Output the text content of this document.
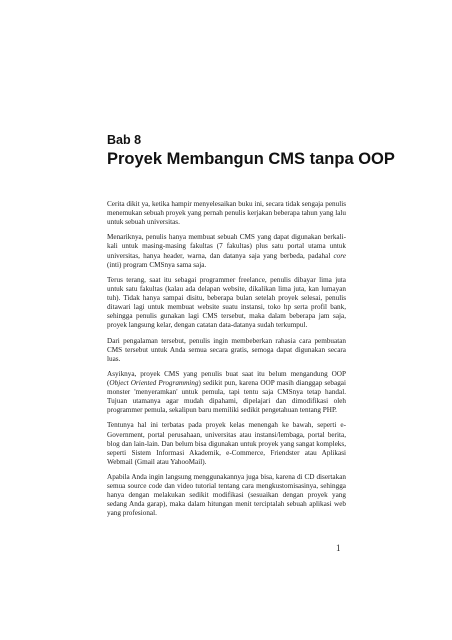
Bab 8
Proyek Membangun CMS tanpa OOP

Cerita dikit ya, ketika hampir menyelesaikan buku ini, secara tidak sengaja penulis menemukan sebuah proyek yang pernah penulis kerjakan beberapa tahun yang lalu untuk sebuah universitas.

Menariknya, penulis hanya membuat sebuah CMS yang dapat digunakan berkali-kali untuk masing-masing fakultas (7 fakultas) plus satu portal utama untuk universitas, hanya header, warna, dan datanya saja yang berbeda, padahal core (inti) program CMSnya sama saja.

Terus terang, saat itu sebagai programmer freelance, penulis dibayar lima juta untuk satu fakultas (kalau ada delapan website, dikalikan lima juta, kan lumayan tuh). Tidak hanya sampai disitu, beberapa bulan setelah proyek selesai, penulis ditawari lagi untuk membuat website suatu instansi, toko hp serta profil bank, sehingga penulis gunakan lagi CMS tersebut, maka dalam beberapa jam saja, proyek langsung kelar, dengan catatan data-datanya sudah terkumpul.

Dari pengalaman tersebut, penulis ingin membeberkan rahasia cara pembuatan CMS tersebut untuk Anda semua secara gratis, semoga dapat digunakan secara luas.

Asyiknya, proyek CMS yang penulis buat saat itu belum mengandung OOP (Object Oriented Programming) sedikit pun, karena OOP masih dianggap sebagai monster 'menyeramkan' untuk pemula, tapi tentu saja CMSnya tetap handal. Tujuan utamanya agar mudah dipahami, dipelajari dan dimodifikasi oleh programmer pemula, sekalipun baru memiliki sedikit pengetahuan tentang PHP.

Tentunya hal ini terbatas pada proyek kelas menengah ke bawah, seperti e-Government, portal perusahaan, universitas atau instansi/lembaga, portal berita, blog dan lain-lain. Dan belum bisa digunakan untuk proyek yang sangat kompleks, seperti Sistem Informasi Akademik, e-Commerce, Friendster atau Aplikasi Webmail (Gmail atau YahooMail).

Apabila Anda ingin langsung menggunakannya juga bisa, karena di CD disertakan semua source code dan video tutorial tentang cara mengkustomisasinya, sehingga hanya dengan melakukan sedikit modifikasi (sesuaikan dengan proyek yang sedang Anda garap), maka dalam hitungan menit terciptalah sebuah aplikasi web yang profesional.

1
